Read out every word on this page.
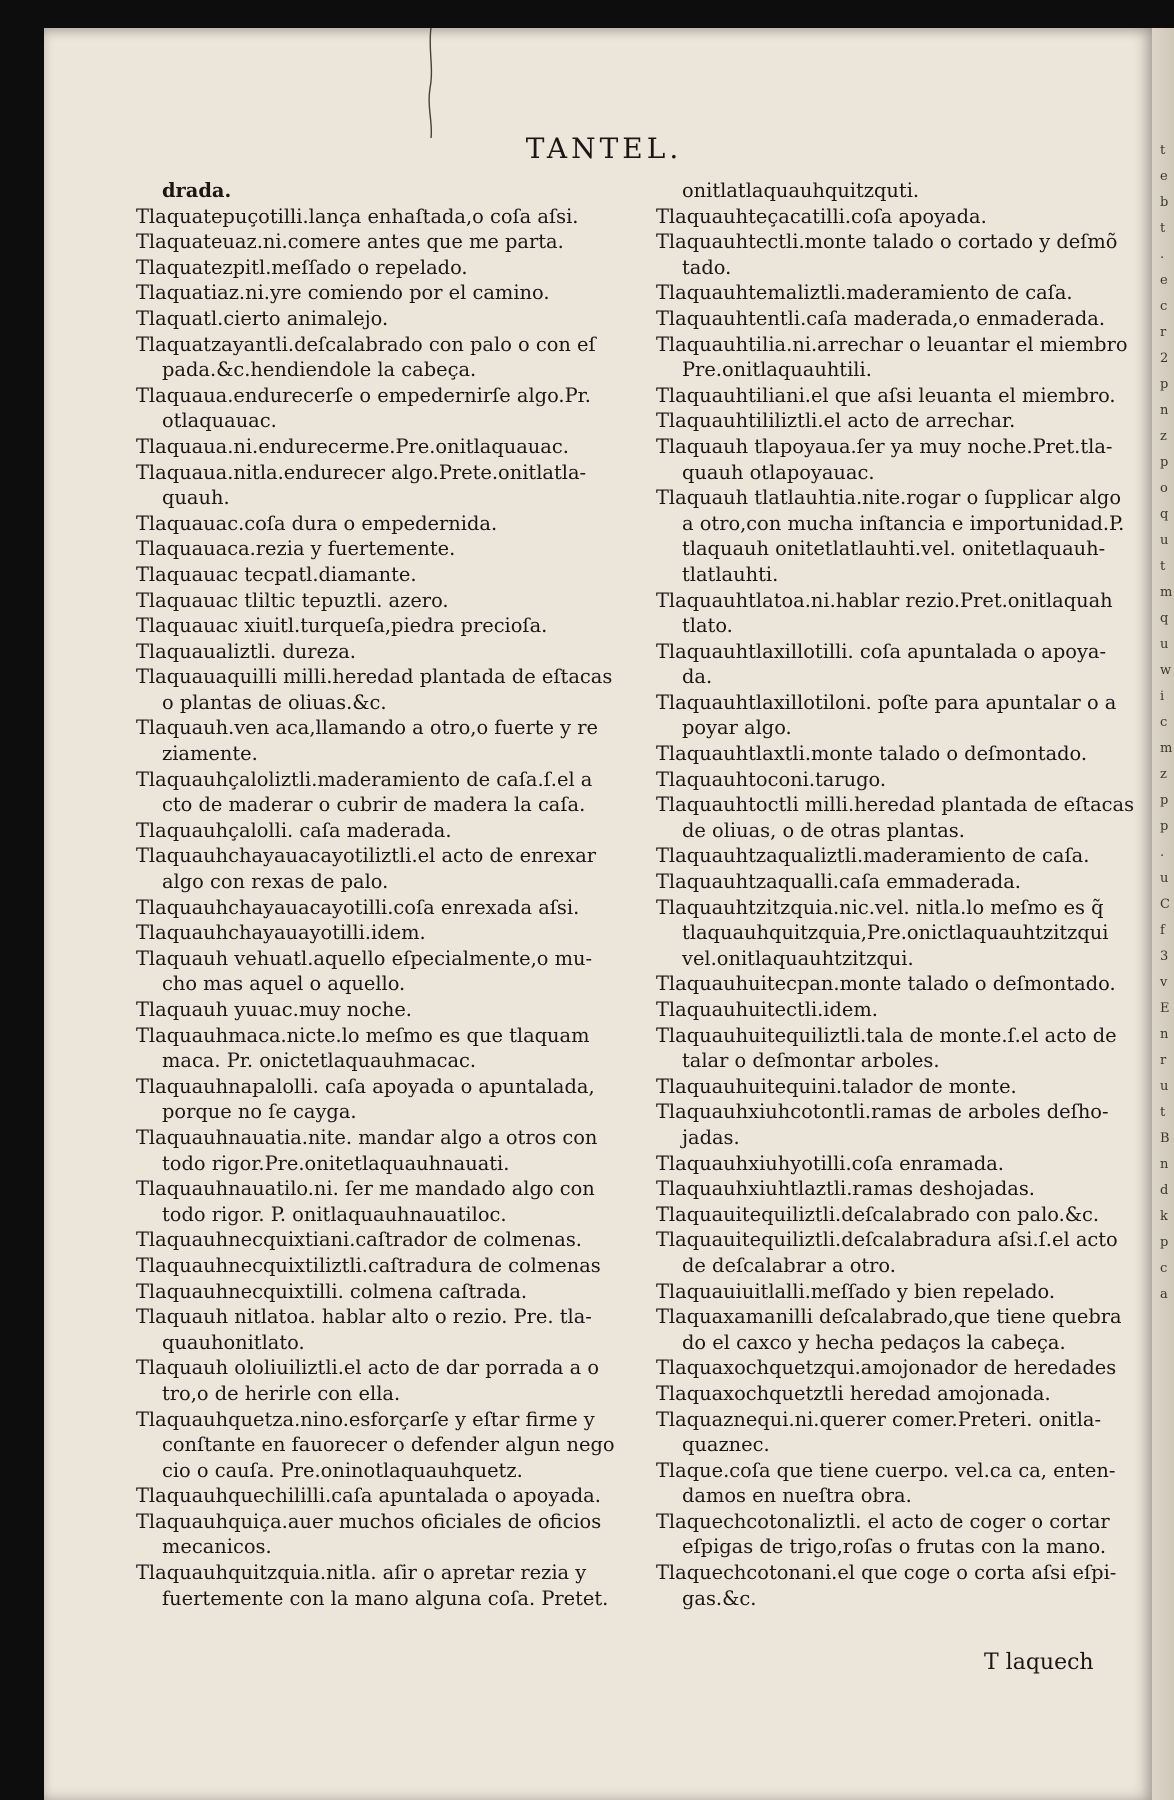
t
e
b
t
.
e
c
r
2
p
n
z
p
o
q
u
t
m
q
u
w
i
c
m
z
p
p
.
u
C
f
3
v
E
n
r
u
t
B
n
d
k
p
c
a
TANTEL.
drada.
Tlaquatepuçotilli.lança enhaſtada,o coſa aſsi.
Tlaquateuaz.ni.comere antes que me parta.
Tlaquatezpitl.meſſado o repelado.
Tlaquatiaz.ni.yre comiendo por el camino.
Tlaquatl.cierto animalejo.
Tlaquatzayantli.deſcalabrado con palo o con eſ
pada.&c.hendiendole la cabeça.
Tlaquaua.endurecerſe o empedernirſe algo.Pr.
otlaquauac.
Tlaquaua.ni.endurecerme.Pre.onitlaquauac.
Tlaquaua.nitla.endurecer algo.Prete.onitlatla-
quauh.
Tlaquauac.coſa dura o empedernida.
Tlaquauaca.rezia y fuertemente.
Tlaquauac tecpatl.diamante.
Tlaquauac tliltic tepuztli. azero.
Tlaquauac xiuitl.turqueſa,piedra precioſa.
Tlaquaualiztli. dureza.
Tlaquauaquilli milli.heredad plantada de eſtacas
o plantas de oliuas.&c.
Tlaquauh.ven aca,llamando a otro,o fuerte y re
ziamente.
Tlaquauhçaloliztli.maderamiento de caſa.ſ.el a
cto de maderar o cubrir de madera la caſa.
Tlaquauhçalolli. caſa maderada.
Tlaquauhchayauacayotiliztli.el acto de enrexar
algo con rexas de palo.
Tlaquauhchayauacayotilli.coſa enrexada aſsi.
Tlaquauhchayauayotilli.idem.
Tlaquauh vehuatl.aquello eſpecialmente,o mu-
cho mas aquel o aquello.
Tlaquauh yuuac.muy noche.
Tlaquauhmaca.nicte.lo meſmo es que tlaquam
maca. Pr. onictetlaquauhmacac.
Tlaquauhnapalolli. caſa apoyada o apuntalada,
porque no ſe cayga.
Tlaquauhnauatia.nite. mandar algo a otros con
todo rigor.Pre.onitetlaquauhnauati.
Tlaquauhnauatilo.ni. ſer me mandado algo con
todo rigor. P. onitlaquauhnauatiloc.
Tlaquauhnecquixtiani.caſtrador de colmenas.
Tlaquauhnecquixtiliztli.caſtradura de colmenas
Tlaquauhnecquixtilli. colmena caſtrada.
Tlaquauh nitlatoa. hablar alto o rezio. Pre. tla-
quauhonitlato.
Tlaquauh ololiuiliztli.el acto de dar porrada a o
tro,o de herirle con ella.
Tlaquauhquetza.nino.esforçarſe y eſtar firme y
conſtante en fauorecer o defender algun nego
cio o cauſa. Pre.oninotlaquauhquetz.
Tlaquauhquechililli.caſa apuntalada o apoyada.
Tlaquauhquiça.auer muchos oficiales de oficios
mecanicos.
Tlaquauhquitzquia.nitla. aſir o apretar rezia y
fuertemente con la mano alguna coſa. Pretet.
onitlatlaquauhquitzquti.
Tlaquauhteçacatilli.coſa apoyada.
Tlaquauhtectli.monte talado o cortado y deſmõ
tado.
Tlaquauhtemaliztli.maderamiento de caſa.
Tlaquauhtentli.caſa maderada,o enmaderada.
Tlaquauhtilia.ni.arrechar o leuantar el miembro
Pre.onitlaquauhtili.
Tlaquauhtiliani.el que aſsi leuanta el miembro.
Tlaquauhtililiztli.el acto de arrechar.
Tlaquauh tlapoyaua.ſer ya muy noche.Pret.tla-
quauh otlapoyauac.
Tlaquauh tlatlauhtia.nite.rogar o ſupplicar algo
a otro,con mucha inſtancia e importunidad.P.
tlaquauh onitetlatlauhti.vel. onitetlaquauh-
tlatlauhti.
Tlaquauhtlatoa.ni.hablar rezio.Pret.onitlaquah
tlato.
Tlaquauhtlaxillotilli. coſa apuntalada o apoya-
da.
Tlaquauhtlaxillotiloni. poſte para apuntalar o a
poyar algo.
Tlaquauhtlaxtli.monte talado o deſmontado.
Tlaquauhtoconi.tarugo.
Tlaquauhtoctli milli.heredad plantada de eſtacas
de oliuas, o de otras plantas.
Tlaquauhtzaqualiztli.maderamiento de caſa.
Tlaquauhtzaqualli.caſa emmaderada.
Tlaquauhtzitzquia.nic.vel. nitla.lo meſmo es q̃
tlaquauhquitzquia,Pre.onictlaquauhtzitzqui
vel.onitlaquauhtzitzqui.
Tlaquauhuitecpan.monte talado o deſmontado.
Tlaquauhuitectli.idem.
Tlaquauhuitequiliztli.tala de monte.ſ.el acto de
talar o deſmontar arboles.
Tlaquauhuitequini.talador de monte.
Tlaquauhxiuhcotontli.ramas de arboles deſho-
jadas.
Tlaquauhxiuhyotilli.coſa enramada.
Tlaquauhxiuhtlaztli.ramas deshojadas.
Tlaquauitequiliztli.deſcalabrado con palo.&c.
Tlaquauitequiliztli.deſcalabradura aſsi.ſ.el acto
de deſcalabrar a otro.
Tlaquauiuitlalli.meſſado y bien repelado.
Tlaquaxamanilli deſcalabrado,que tiene quebra
do el caxco y hecha pedaços la cabeça.
Tlaquaxochquetzqui.amojonador de heredades
Tlaquaxochquetztli heredad amojonada.
Tlaquaznequi.ni.querer comer.Preteri. onitla-
quaznec.
Tlaque.coſa que tiene cuerpo. vel.ca ca, enten-
damos en nueſtra obra.
Tlaquechcotonaliztli. el acto de coger o cortar
eſpigas de trigo,roſas o frutas con la mano.
Tlaquechcotonani.el que coge o corta aſsi eſpi-
gas.&c.
T laquech
